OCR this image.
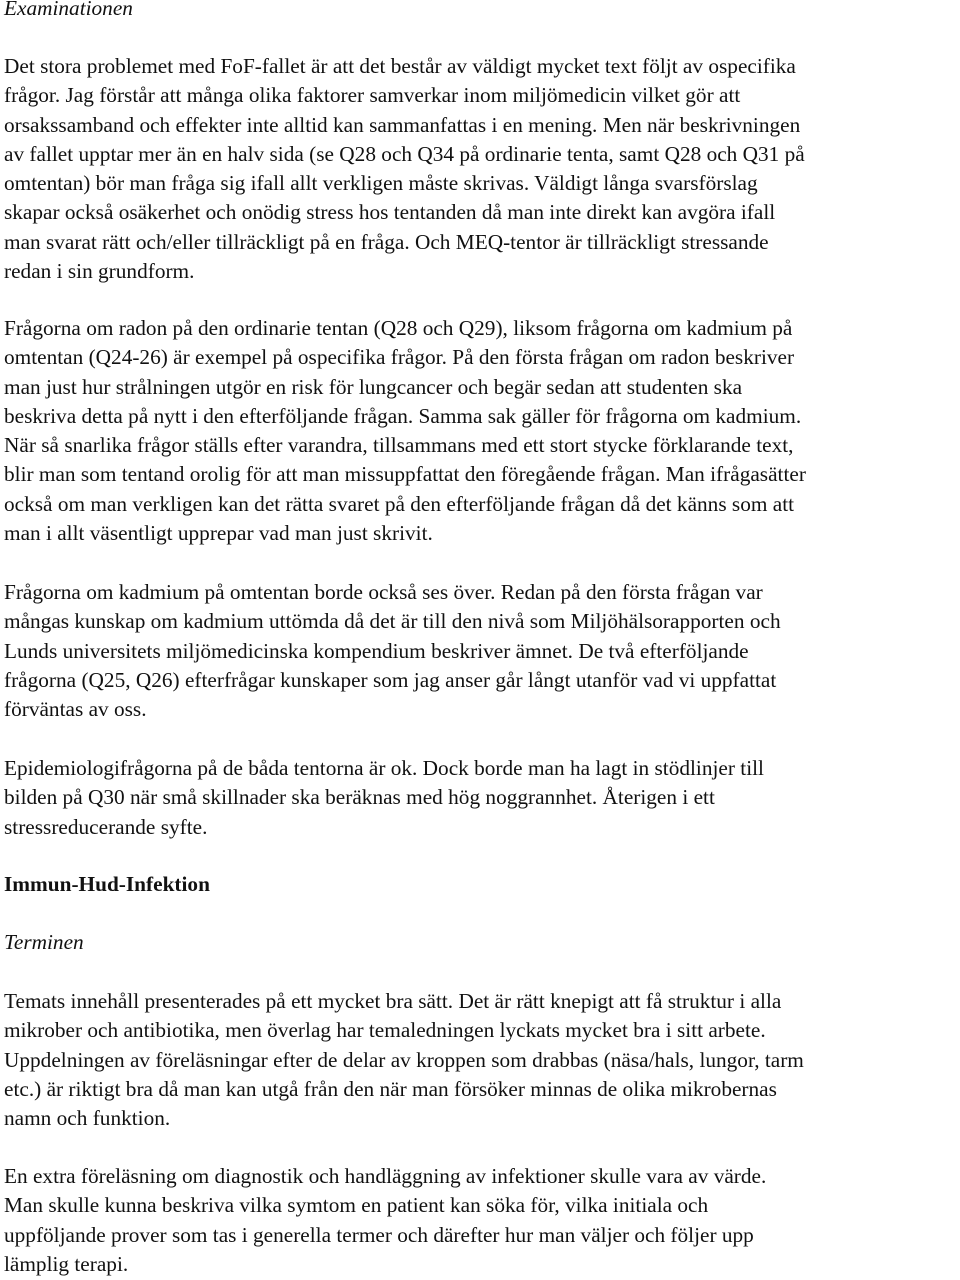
Examinationen
Det stora problemet med FoF-fallet är att det består av väldigt mycket text följt av ospecifika
frågor. Jag förstår att många olika faktorer samverkar inom miljömedicin vilket gör att
orsakssamband och effekter inte alltid kan sammanfattas i en mening. Men när beskrivningen
av fallet upptar mer än en halv sida (se Q28 och Q34 på ordinarie tenta, samt Q28 och Q31 på
omtentan) bör man fråga sig ifall allt verkligen måste skrivas. Väldigt långa svarsförslag
skapar också osäkerhet och onödig stress hos tentanden då man inte direkt kan avgöra ifall
man svarat rätt och/eller tillräckligt på en fråga. Och MEQ-tentor är tillräckligt stressande
redan i sin grundform.
Frågorna om radon på den ordinarie tentan (Q28 och Q29), liksom frågorna om kadmium på
omtentan (Q24-26) är exempel på ospecifika frågor. På den första frågan om radon beskriver
man just hur strålningen utgör en risk för lungcancer och begär sedan att studenten ska
beskriva detta på nytt i den efterföljande frågan. Samma sak gäller för frågorna om kadmium.
När så snarlika frågor ställs efter varandra, tillsammans med ett stort stycke förklarande text,
blir man som tentand orolig för att man missuppfattat den föregående frågan. Man ifrågasätter
också om man verkligen kan det rätta svaret på den efterföljande frågan då det känns som att
man i allt väsentligt upprepar vad man just skrivit.
Frågorna om kadmium på omtentan borde också ses över. Redan på den första frågan var
mångas kunskap om kadmium uttömda då det är till den nivå som Miljöhälsorapporten och
Lunds universitets miljömedicinska kompendium beskriver ämnet. De två efterföljande
frågorna (Q25, Q26) efterfrågar kunskaper som jag anser går långt utanför vad vi uppfattat
förväntas av oss.
Epidemiologifrågorna på de båda tentorna är ok. Dock borde man ha lagt in stödlinjer till
bilden på Q30 när små skillnader ska beräknas med hög noggrannhet. Återigen i ett
stressreducerande syfte.
Immun-Hud-Infektion
Terminen
Temats innehåll presenterades på ett mycket bra sätt. Det är rätt knepigt att få struktur i alla
mikrober och antibiotika, men överlag har temaledningen lyckats mycket bra i sitt arbete.
Uppdelningen av föreläsningar efter de delar av kroppen som drabbas (näsa/hals, lungor, tarm
etc.) är riktigt bra då man kan utgå från den när man försöker minnas de olika mikrobernas
namn och funktion.
En extra föreläsning om diagnostik och handläggning av infektioner skulle vara av värde.
Man skulle kunna beskriva vilka symtom en patient kan söka för, vilka initiala och
uppföljande prover som tas i generella termer och därefter hur man väljer och följer upp
lämplig terapi.
